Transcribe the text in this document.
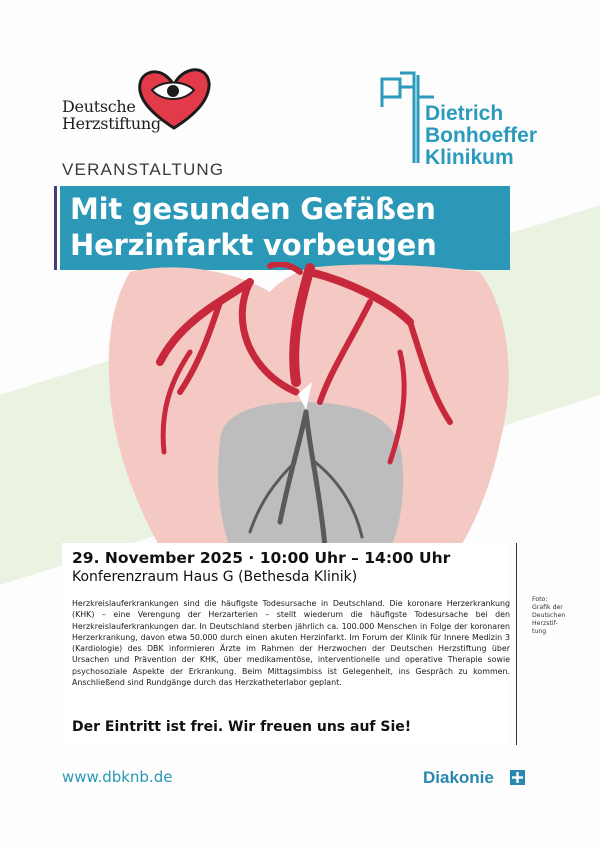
Deutsche
Herzstiftung	Dietrich
Bonhoeffer
Klinikum
VERANSTALTUNG
Mit gesunden Gefäßen
Herzinfarkt vorbeugen
29. November 2025 · 10:00 Uhr – 14:00 Uhr
Konferenzraum Haus G (Bethesda Klinik)
Herzkreislauferkrankungen sind die häufigste Todesursache in Deutschland. Die koronare Herzerkrankung (KHK) – eine Verengung der Herzarterien – stellt wiederum die häufigste Todesursache bei den Herzkreislauferkrankungen dar. In Deutschland sterben jährlich ca. 100.000 Menschen in Folge der koronaren Herzerkrankung, davon etwa 50.000 durch einen akuten Herzinfarkt. Im Forum der Klinik für Innere Medizin 3 (Kardiologie) des DBK informieren Ärzte im Rahmen der Herzwochen der Deutschen Herzstiftung über Ursachen und Prävention der KHK, über medikamentöse, interventionelle und operative Therapie sowie psychosoziale Aspekte der Erkrankung. Beim Mittagsimbiss ist Gelegenheit, ins Gespräch zu kommen. Anschließend sind Rundgänge durch das Herzkatheterlabor geplant.
Der Eintritt ist frei. Wir freuen uns auf Sie!
Foto:
Grafik der
Deutschen
Herzstif-
tung
www.dbknb.de	Diakonie
